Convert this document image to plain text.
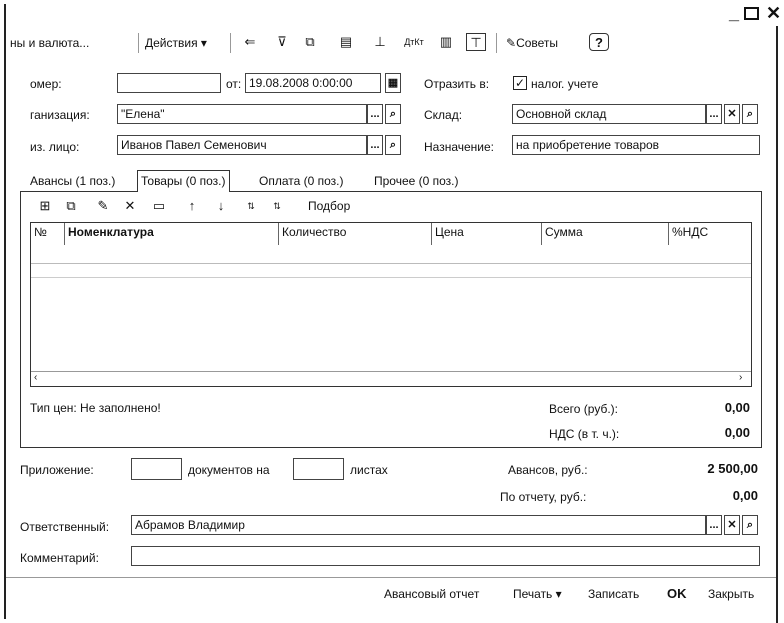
_ ✕
ны и валюта...	Действия ▾	⇐	⊽	⧉	▤	⊥	ДтКт ▥	⊤	✎Советы	?
омер:	от: 19.08.2008 0:00:00	▦ Отразить в: ✓ налог. учете
ганизация:	"Елена"	... ⌕	Склад:	Основной склад	... ✕ ⌕
из. лицо:	Иванов Павел Семенович	... ⌕	Назначение:	на приобретение товаров
Авансы (1 поз.)	Товары (0 поз.)	Оплата (0 поз.)	Прочее (0 поз.)
⊞	⧉	✎ ✕ ▭	↑	↓	⇅	⇅	Подбор
№	Номенклатура	Количество	Цена	Сумма	%НДС
‹	›
Тип цен: Не заполнено!	Всего (руб.):	0,00
НДС (в т. ч.):	0,00
Приложение:	документов на	листах	Авансов, руб.:	2 500,00
По отчету, руб.:	0,00
Ответственный:	Абрамов Владимир	... ✕ ⌕
Комментарий:
Авансовый отчет	Печать ▾ Записать OK Закрыть
